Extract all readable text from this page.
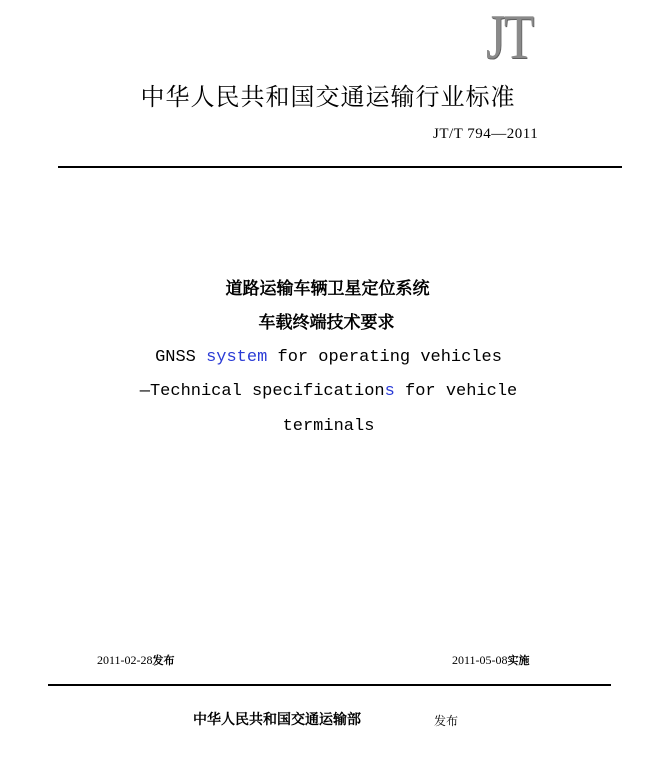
JT
中华人民共和国交通运输行业标准
JT/T 794—2011
道路运输车辆卫星定位系统
车载终端技术要求
GNSS system for operating vehicles
—Technical specifications for vehicle
terminals
2011-02-28发布	2011-05-08实施
中华人民共和国交通运输部	发布
